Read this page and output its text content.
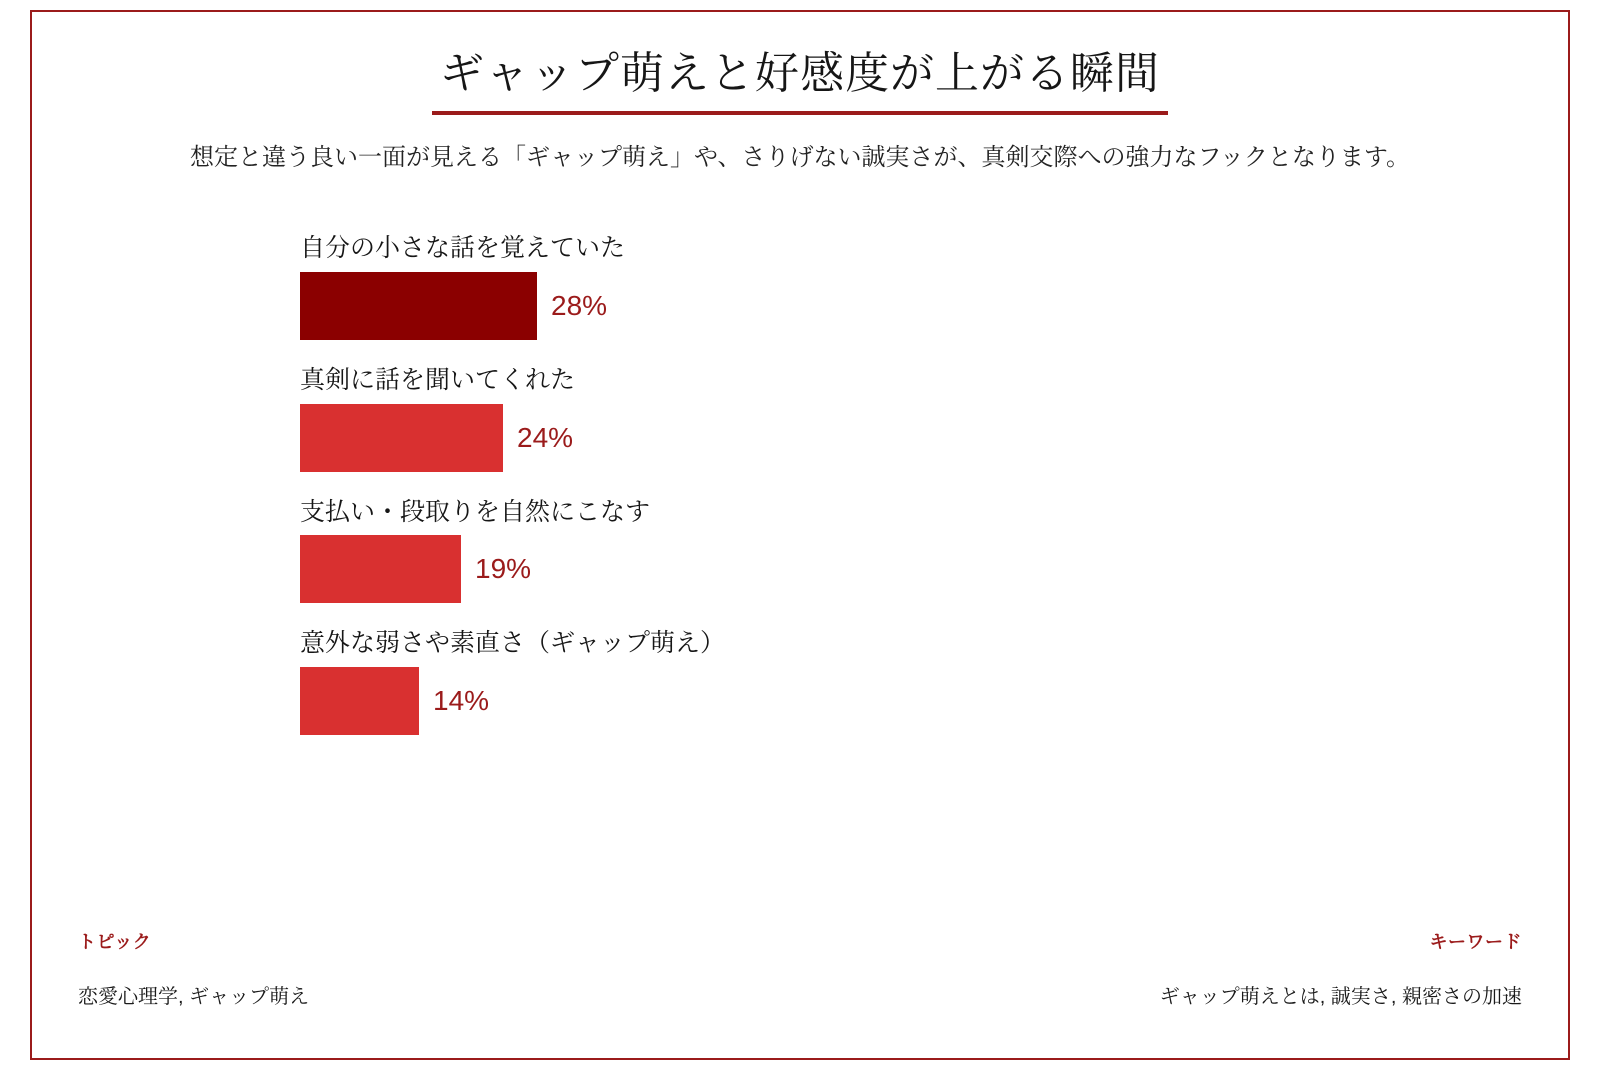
ギャップ萌えと好感度が上がる瞬間
想定と違う良い一面が見える「ギャップ萌え」や、さりげない誠実さが、真剣交際への強力なフックとなります。
自分の小さな話を覚えていた
28%
真剣に話を聞いてくれた
24%
支払い・段取りを自然にこなす
19%
意外な弱さや素直さ（ギャップ萌え）
14%
トピック
恋愛心理学, ギャップ萌え
キーワード
ギャップ萌えとは, 誠実さ, 親密さの加速
